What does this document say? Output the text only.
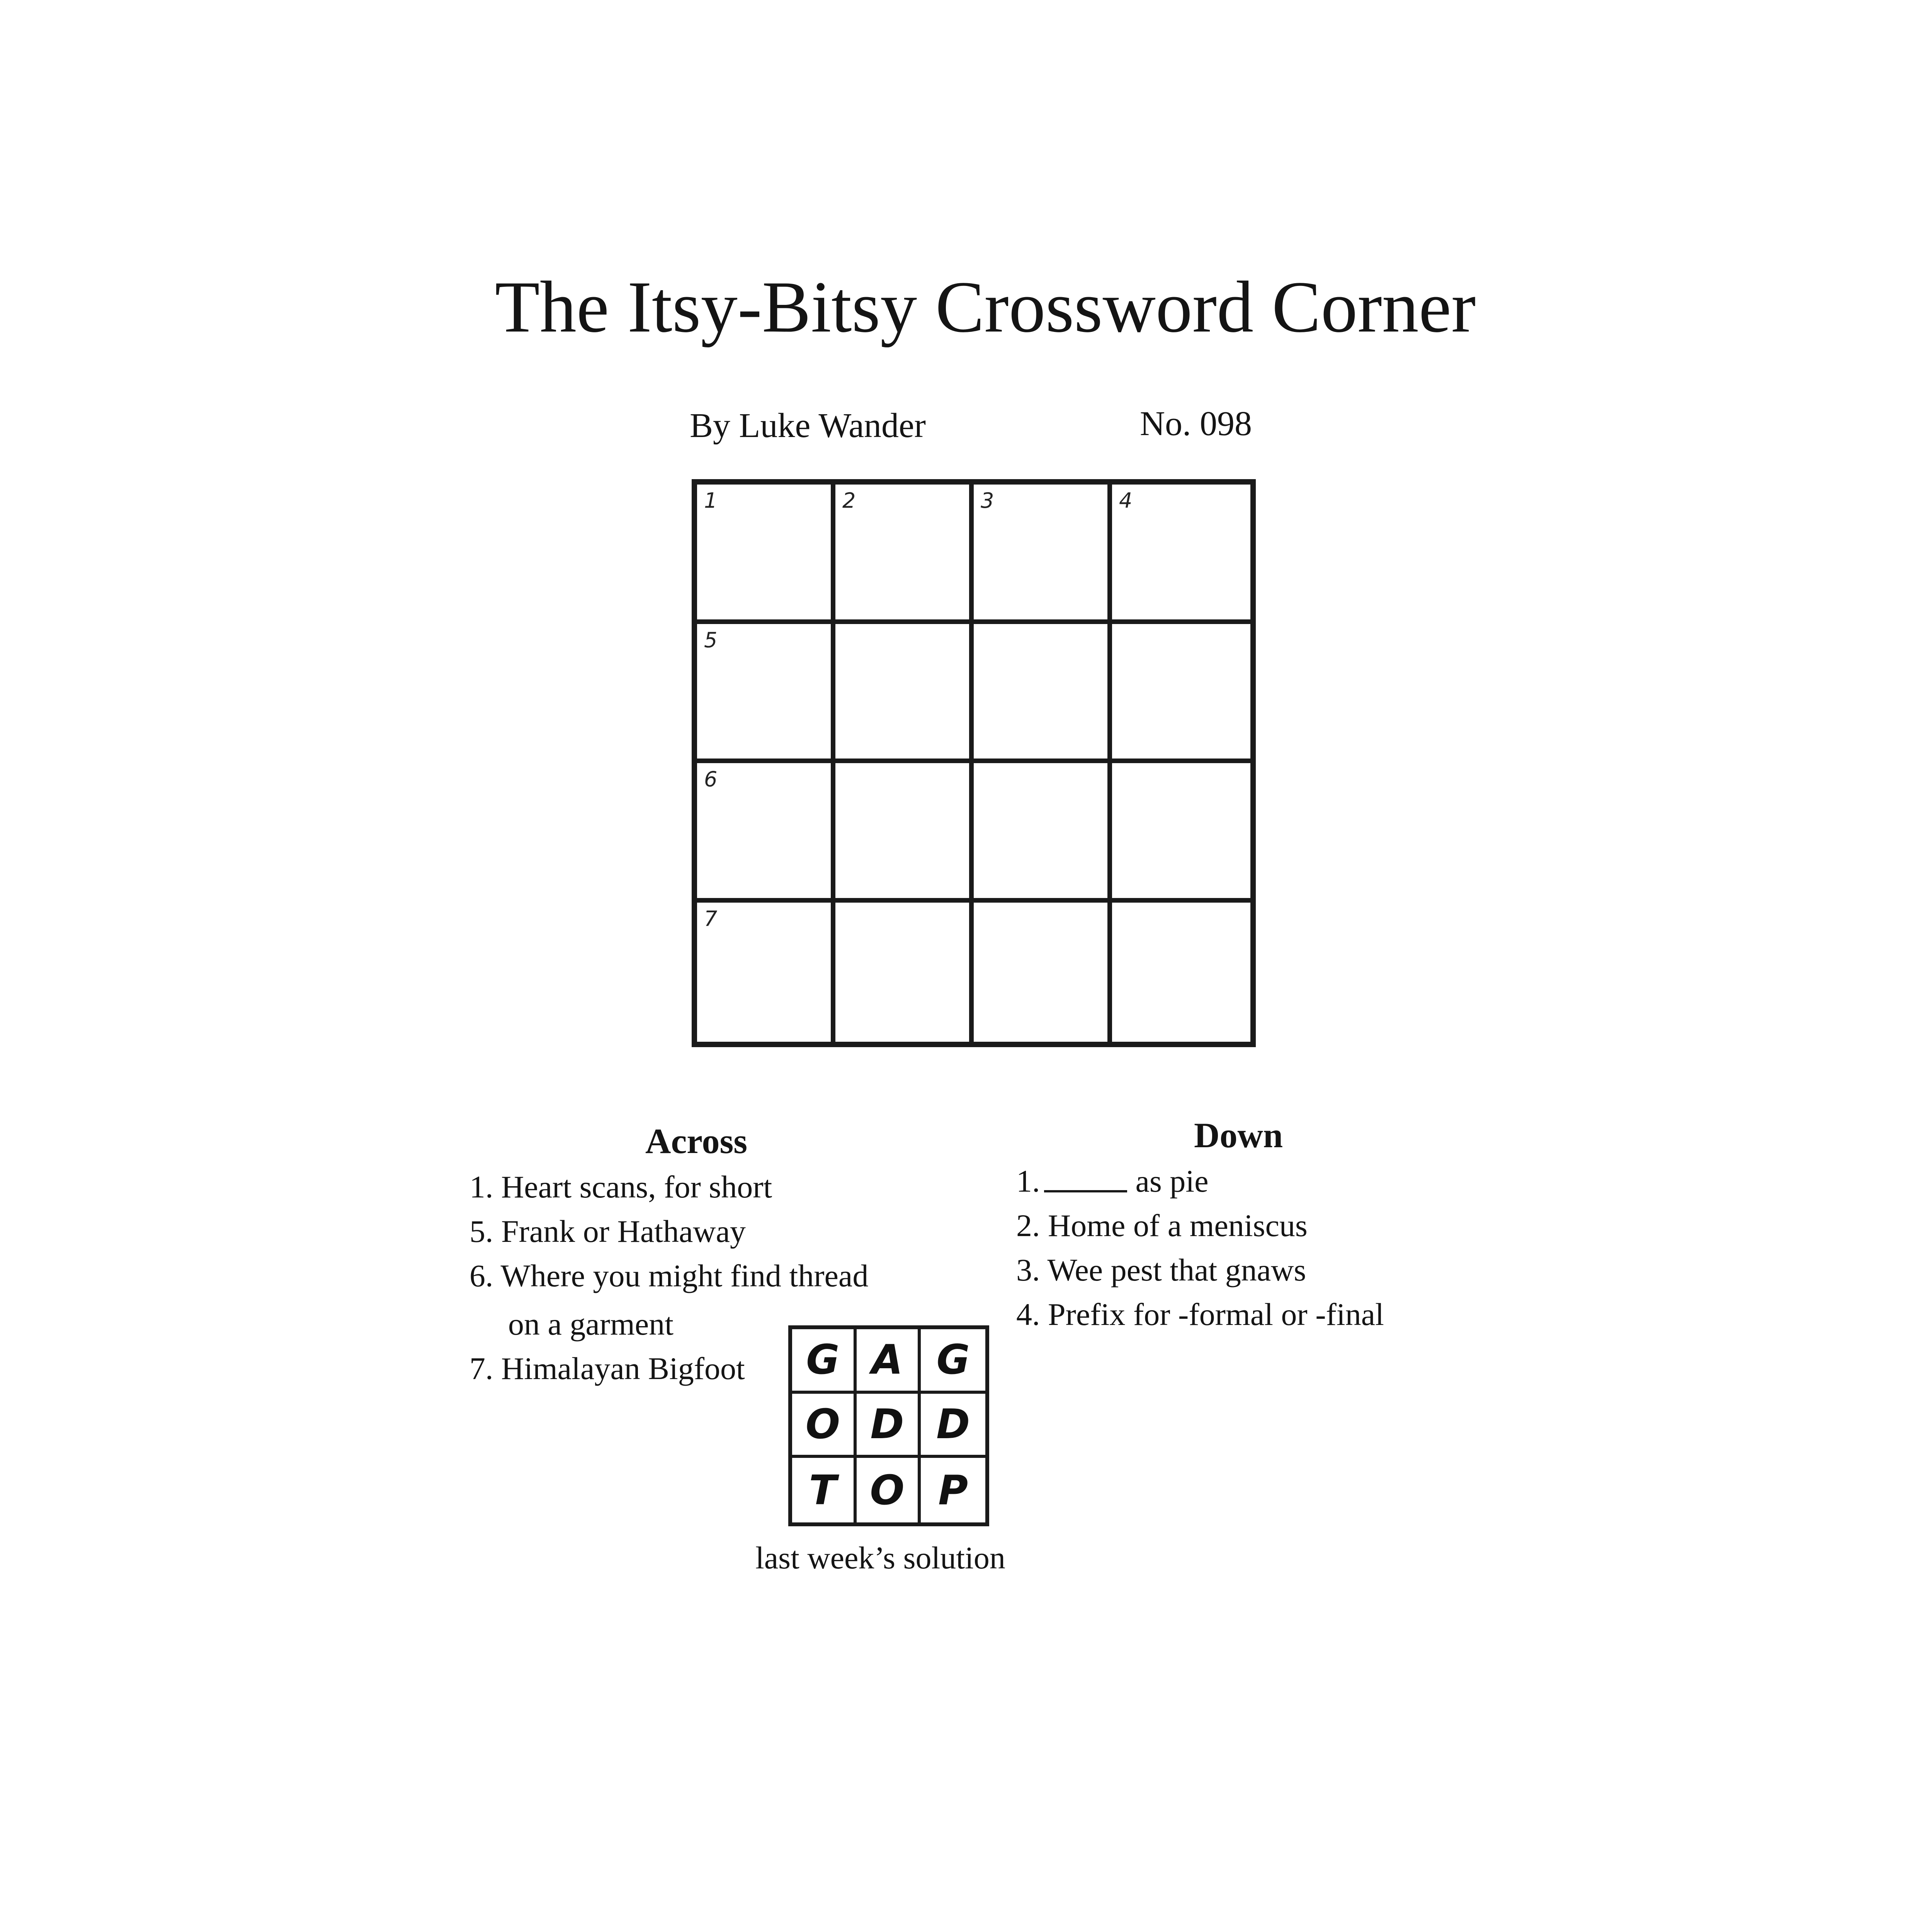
The Itsy-Bitsy Crossword Corner
By Luke Wander	No. 098
1	2	3	4
5
6
7
Across
1. Heart scans, for short
5. Frank or Hathaway
6. Where you might find thread
on a garment
7. Himalayan Bigfoot
Down
1.	as pie
2. Home of a meniscus
3. Wee pest that gnaws
4. Prefix for -formal or -final
G A G
O D D
T O P
last week’s solution
